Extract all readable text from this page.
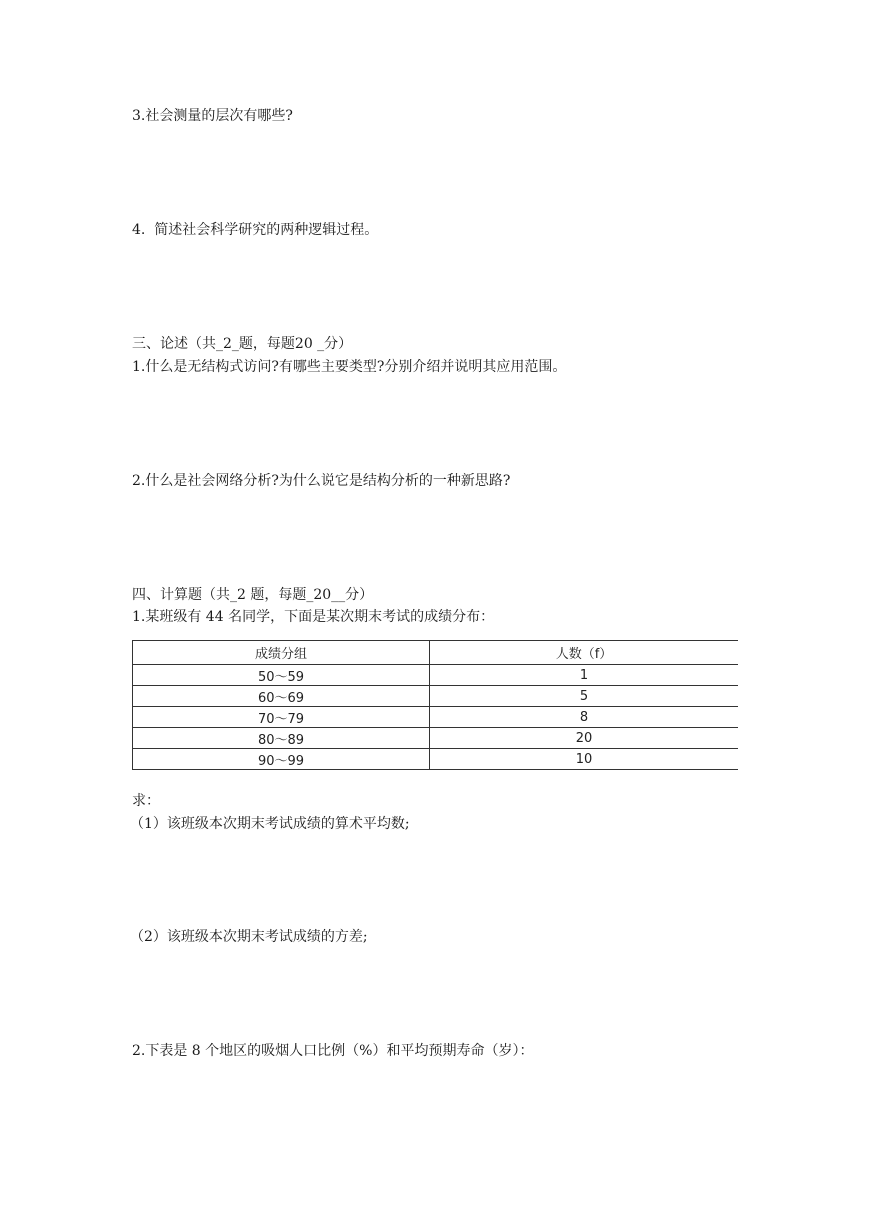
3.社会测量的层次有哪些?
4.  简述社会科学研究的两种逻辑过程。
三、论述（共_2_题，每题20 _分）
1.什么是无结构式访问?有哪些主要类型?分别介绍并说明其应用范围。
2.什么是社会网络分析?为什么说它是结构分析的一种新思路?
四、计算题（共_2 题，每题_20__分）
1.某班级有 44 名同学，下面是某次期末考试的成绩分布：
成绩分组	人数（f）
50～59	1
60～69	5
70～79	8
80～89	20
90～99	10
求：
（1）该班级本次期末考试成绩的算术平均数;
（2）该班级本次期末考试成绩的方差;
2.下表是 8 个地区的吸烟人口比例（%）和平均预期寿命（岁）：
